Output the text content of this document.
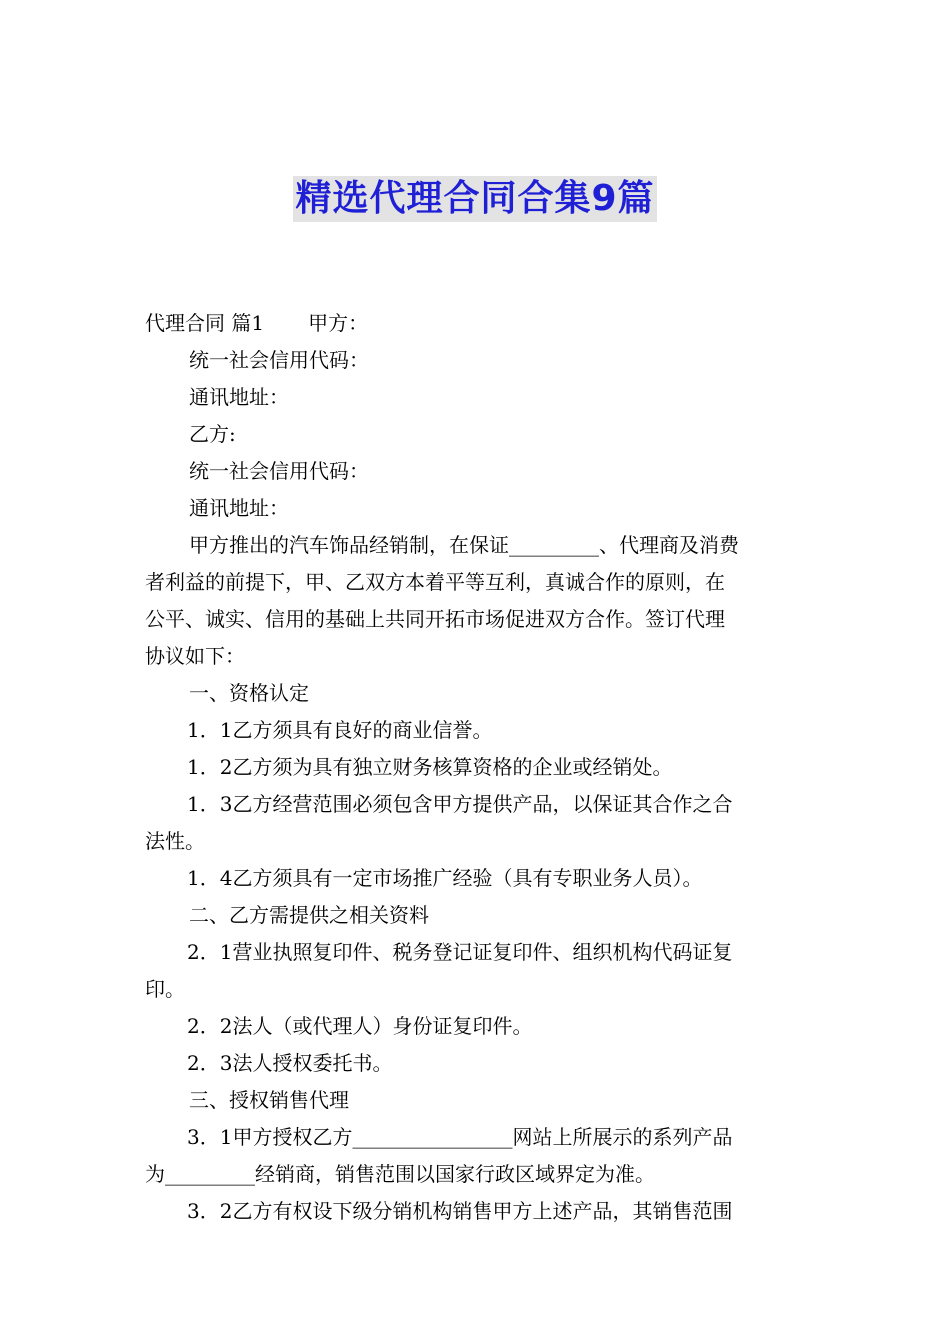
精选代理合同合集9篇

代理合同 篇1 甲方：

统一社会信用代码：

通讯地址：

乙方:

统一社会信用代码：

通讯地址：

甲方推出的汽车饰品经销制，在保证_________、代理商及消费

者利益的前提下，甲、乙双方本着平等互利，真诚合作的原则，在

公平、诚实、信用的基础上共同开拓市场促进双方合作。签订代理

协议如下：

一、资格认定

1．1乙方须具有良好的商业信誉。

1．2乙方须为具有独立财务核算资格的企业或经销处。

1．3乙方经营范围必须包含甲方提供产品，以保证其合作之合

法性。

1．4乙方须具有一定市场推广经验（具有专职业务人员）。

二、乙方需提供之相关资料

2．1营业执照复印件、税务登记证复印件、组织机构代码证复

印。

2．2法人（或代理人）身份证复印件。

2．3法人授权委托书。

三、授权销售代理

3．1甲方授权乙方________________网站上所展示的系列产品

为_________经销商，销售范围以国家行政区域界定为准。

3．2乙方有权设下级分销机构销售甲方上述产品，其销售范围
